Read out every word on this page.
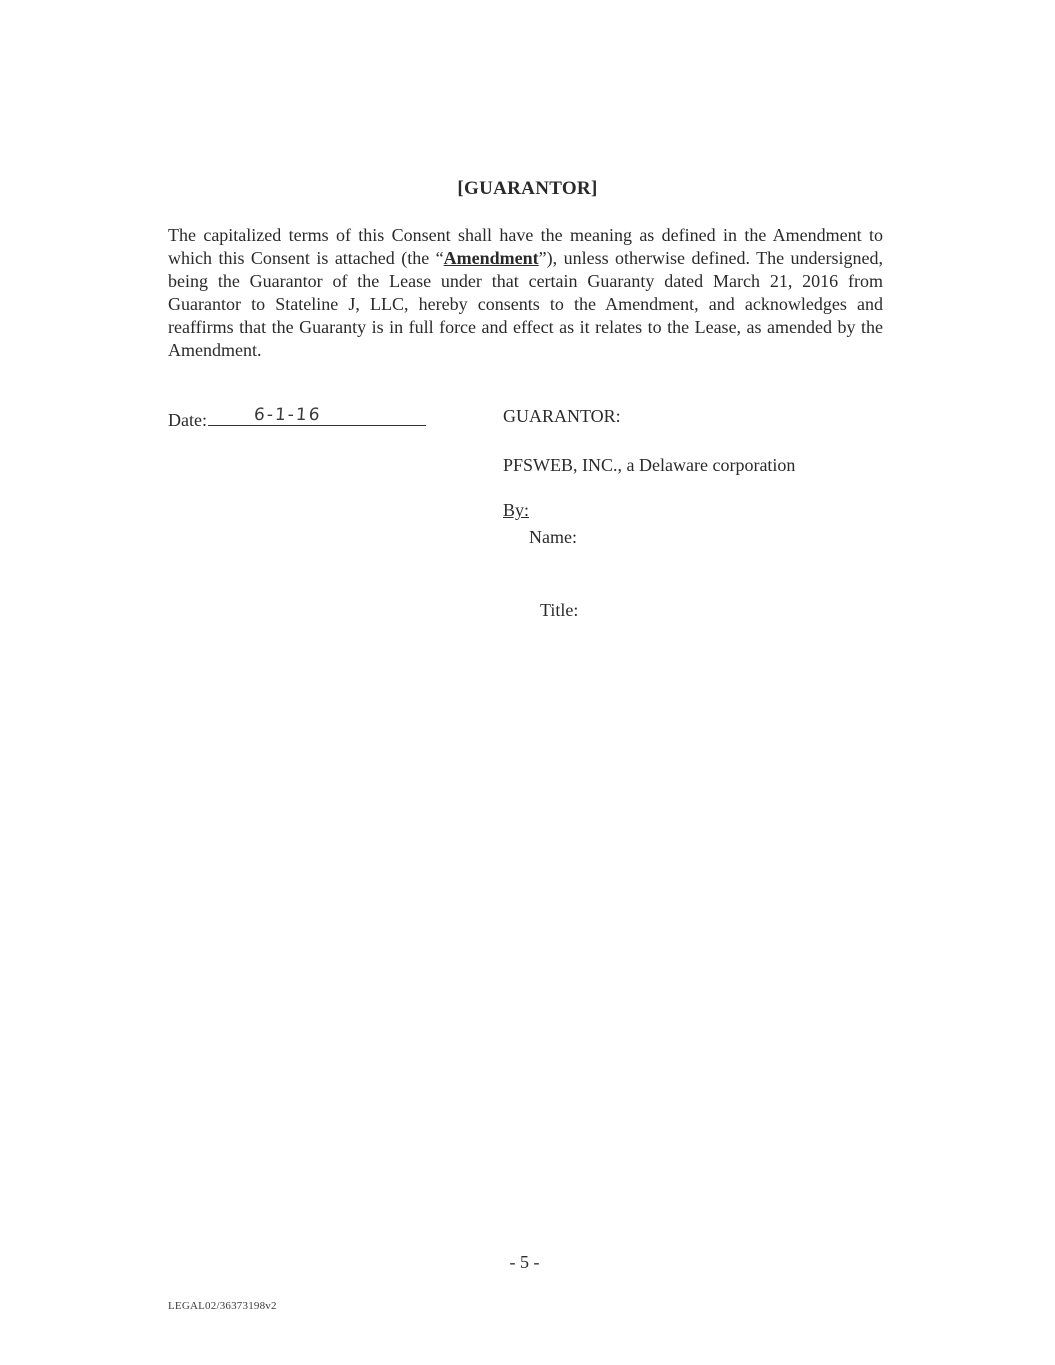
[GUARANTOR]
The capitalized terms of this Consent shall have the meaning as defined in the Amendment to which this Consent is attached (the “Amendment”), unless otherwise defined. The undersigned, being the Guarantor of the Lease under that certain Guaranty dated March 21, 2016 from Guarantor to Stateline J, LLC, hereby consents to the Amendment, and acknowledges and reaffirms that the Guaranty is in full force and effect as it relates to the Lease, as amended by the Amendment.
Date:	6-1-16	GUARANTOR:
PFSWEB, INC., a Delaware corporation
By:
Name:
Title:
- 5 -
LEGAL02/36373198v2
